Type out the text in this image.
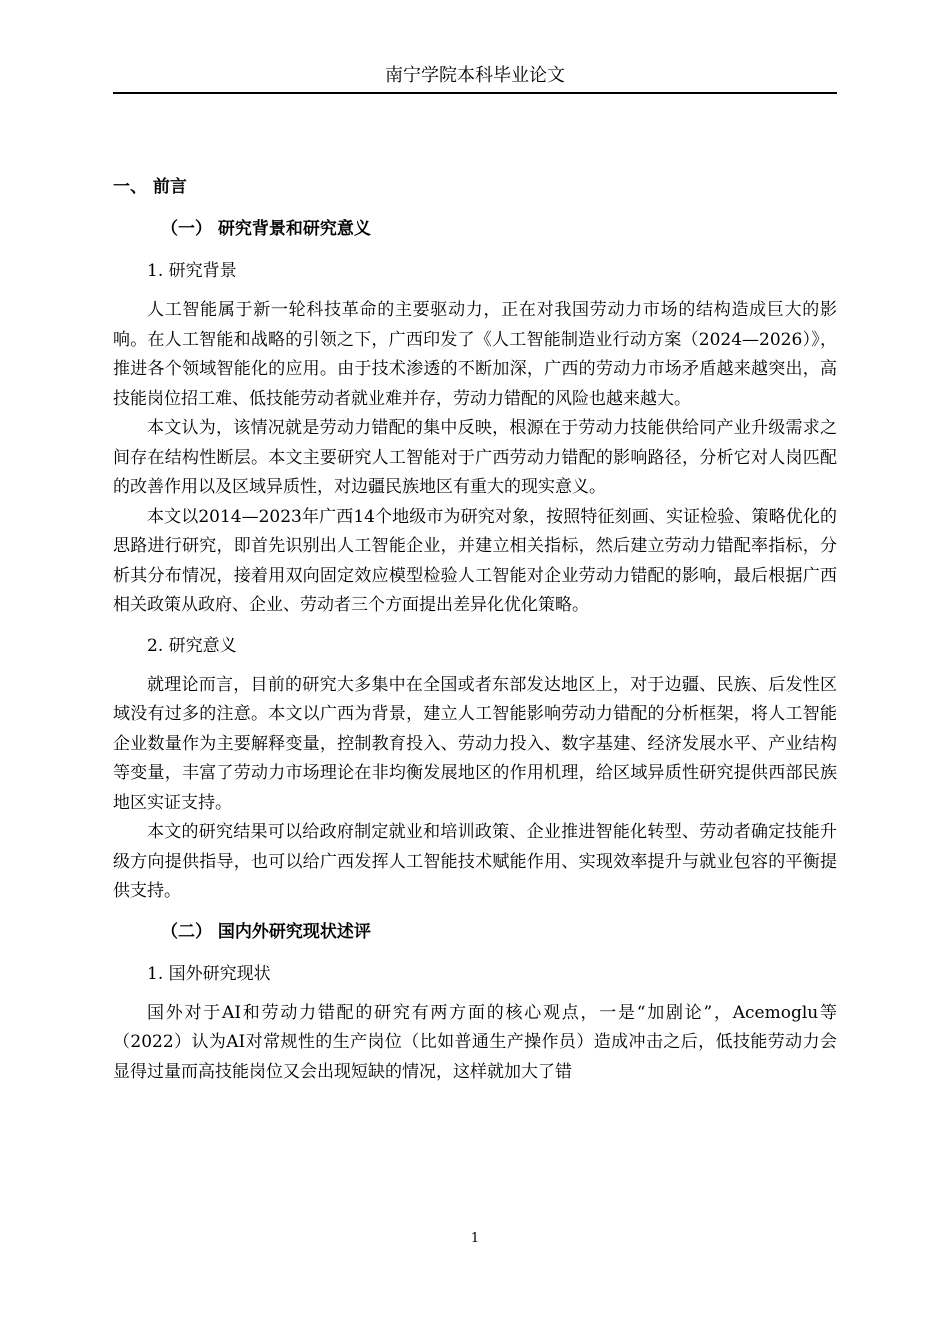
南宁学院本科毕业论文
一、 前言
（一） 研究背景和研究意义
1. 研究背景

人工智能属于新一轮科技革命的主要驱动力，正在对我国劳动力市场的结构造成巨大的影响。在人工智能和战略的引领之下，广西印发了《人工智能制造业行动方案（2024—2026）》，推进各个领域智能化的应用。由于技术渗透的不断加深，广西的劳动力市场矛盾越来越突出，高技能岗位招工难、低技能劳动者就业难并存，劳动力错配的风险也越来越大。

本文认为，该情况就是劳动力错配的集中反映，根源在于劳动力技能供给同产业升级需求之间存在结构性断层。本文主要研究人工智能对于广西劳动力错配的影响路径，分析它对人岗匹配的改善作用以及区域异质性，对边疆民族地区有重大的现实意义。

本文以2014—2023年广西14个地级市为研究对象，按照特征刻画、实证检验、策略优化的思路进行研究，即首先识别出人工智能企业，并建立相关指标，然后建立劳动力错配率指标，分析其分布情况，接着用双向固定效应模型检验人工智能对企业劳动力错配的影响，最后根据广西相关政策从政府、企业、劳动者三个方面提出差异化优化策略。

2. 研究意义

就理论而言，目前的研究大多集中在全国或者东部发达地区上，对于边疆、民族、后发性区域没有过多的注意。本文以广西为背景，建立人工智能影响劳动力错配的分析框架，将人工智能企业数量作为主要解释变量，控制教育投入、劳动力投入、数字基建、经济发展水平、产业结构等变量，丰富了劳动力市场理论在非均衡发展地区的作用机理，给区域异质性研究提供西部民族地区实证支持。

本文的研究结果可以给政府制定就业和培训政策、企业推进智能化转型、劳动者确定技能升级方向提供指导，也可以给广西发挥人工智能技术赋能作用、实现效率提升与就业包容的平衡提供支持。

（二） 国内外研究现状述评
1. 国外研究现状

国外对于AI和劳动力错配的研究有两方面的核心观点，一是“加剧论”，Acemoglu等（2022）认为AI对常规性的生产岗位（比如普通生产操作员）造成冲击之后，低技能劳动力会显得过量而高技能岗位又会出现短缺的情况，这样就加大了错

1
